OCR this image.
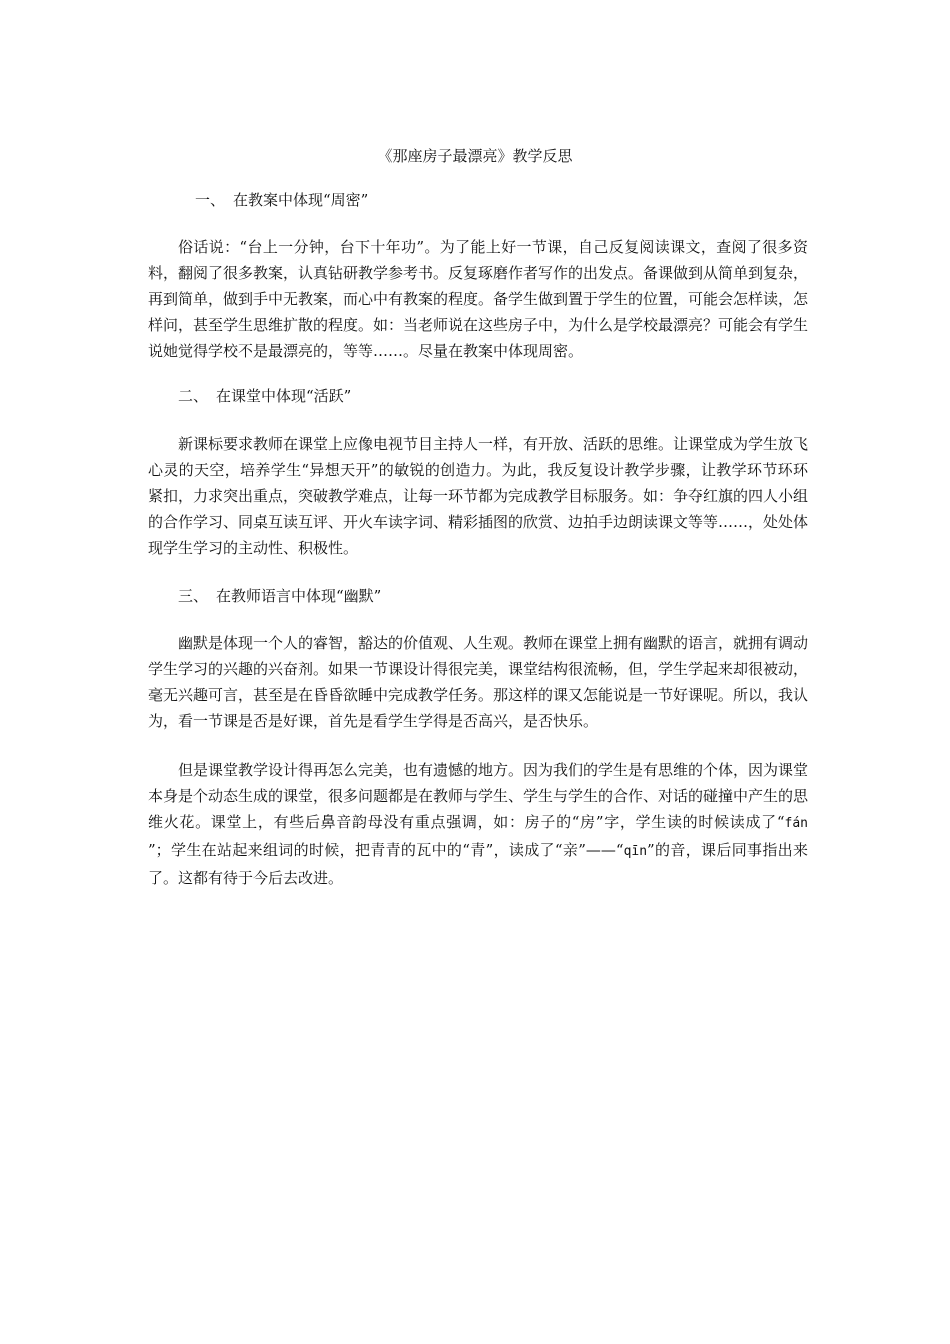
《那座房子最漂亮》教学反思
一、 在教案中体现“周密”

俗话说：“台上一分钟，台下十年功”。为了能上好一节课，自己反复阅读课文，查阅了很多资料，翻阅了很多教案，认真钻研教学参考书。反复琢磨作者写作的出发点。备课做到从简单到复杂，再到简单，做到手中无教案，而心中有教案的程度。备学生做到置于学生的位置，可能会怎样读，怎样问，甚至学生思维扩散的程度。如：当老师说在这些房子中，为什么是学校最漂亮？可能会有学生说她觉得学校不是最漂亮的，等等……。尽量在教案中体现周密。

二、 在课堂中体现“活跃”

新课标要求教师在课堂上应像电视节目主持人一样，有开放、活跃的思维。让课堂成为学生放飞心灵的天空，培养学生“异想天开”的敏锐的创造力。为此，我反复设计教学步骤，让教学环节环环紧扣，力求突出重点，突破教学难点，让每一环节都为完成教学目标服务。如：争夺红旗的四人小组的合作学习、同桌互读互评、开火车读字词、精彩插图的欣赏、边拍手边朗读课文等等……，处处体现学生学习的主动性、积极性。

三、 在教师语言中体现“幽默”

幽默是体现一个人的睿智，豁达的价值观、人生观。教师在课堂上拥有幽默的语言，就拥有调动学生学习的兴趣的兴奋剂。如果一节课设计得很完美，课堂结构很流畅，但，学生学起来却很被动，毫无兴趣可言，甚至是在昏昏欲睡中完成教学任务。那这样的课又怎能说是一节好课呢。所以，我认为，看一节课是否是好课，首先是看学生学得是否高兴，是否快乐。

但是课堂教学设计得再怎么完美，也有遗憾的地方。因为我们的学生是有思维的个体，因为课堂本身是个动态生成的课堂，很多问题都是在教师与学生、学生与学生的合作、对话的碰撞中产生的思维火花。课堂上，有些后鼻音韵母没有重点强调，如：房子的“房”字，学生读的时候读成了“fán ”；学生在站起来组词的时候，把青青的瓦中的“青”，读成了“亲”——“qīn”的音，课后同事指出来了。这都有待于今后去改进。
